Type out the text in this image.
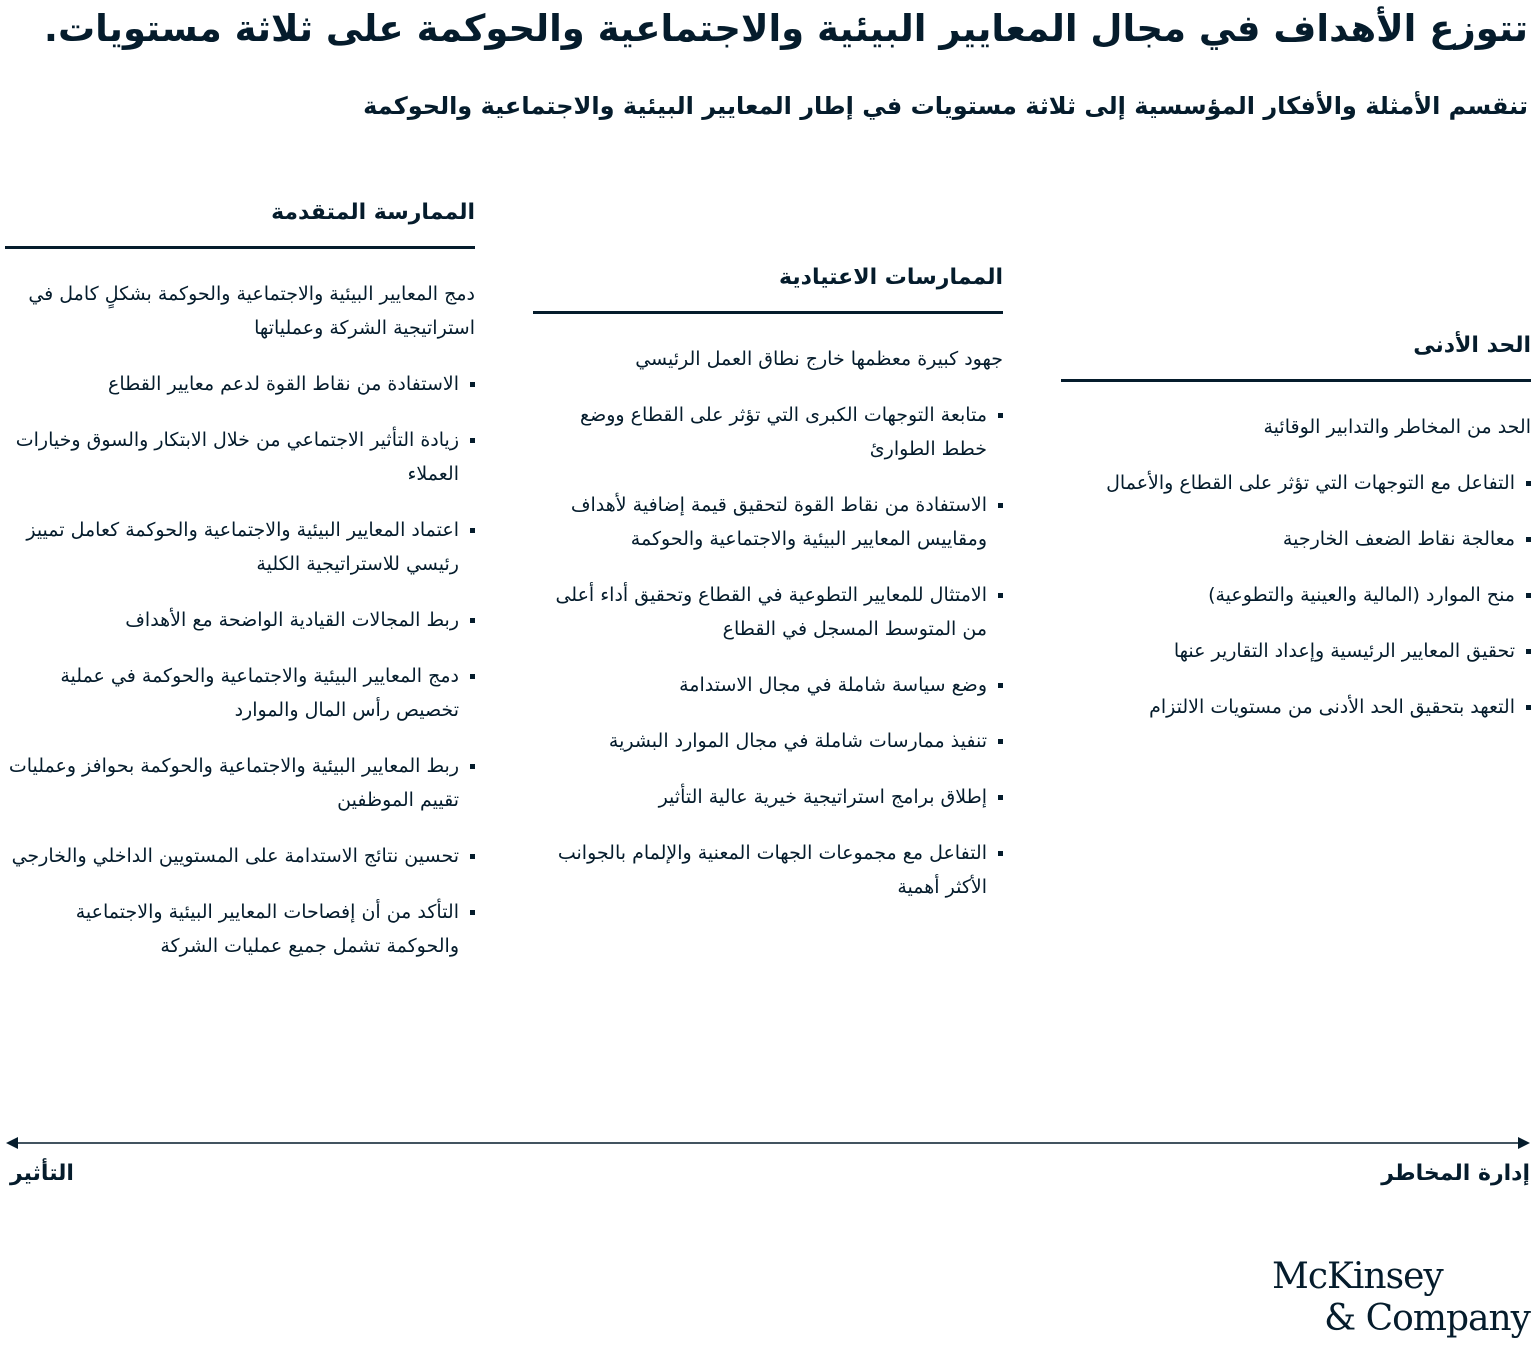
تتوزع الأهداف في مجال المعايير البيئية والاجتماعية والحوكمة على ثلاثة مستويات.
تنقسم الأمثلة والأفكار المؤسسية إلى ثلاثة مستويات في إطار المعايير البيئية والاجتماعية والحوكمة
الحد الأدنى

الحد من المخاطر والتدابير الوقائية

التفاعل مع التوجهات التي تؤثر على القطاع والأعمال
معالجة نقاط الضعف الخارجية
منح الموارد (المالية والعينية والتطوعية)
تحقيق المعايير الرئيسية وإعداد التقارير عنها
التعهد بتحقيق الحد الأدنى من مستويات الالتزام
الممارسات الاعتيادية

جهود كبيرة معظمها خارج نطاق العمل الرئيسي

متابعة التوجهات الكبرى التي تؤثر على القطاع ووضع خطط الطوارئ
الاستفادة من نقاط القوة لتحقيق قيمة إضافية لأهداف ومقاييس المعايير البيئية والاجتماعية والحوكمة
الامتثال للمعايير التطوعية في القطاع وتحقيق أداء أعلى من المتوسط المسجل في القطاع
وضع سياسة شاملة في مجال الاستدامة
تنفيذ ممارسات شاملة في مجال الموارد البشرية
إطلاق برامج استراتيجية خيرية عالية التأثير
التفاعل مع مجموعات الجهات المعنية والإلمام بالجوانب الأكثر أهمية
الممارسة المتقدمة

دمج المعايير البيئية والاجتماعية والحوكمة بشكلٍ كامل في استراتيجية الشركة وعملياتها

الاستفادة من نقاط القوة لدعم معايير القطاع
زيادة التأثير الاجتماعي من خلال الابتكار والسوق وخيارات العملاء
اعتماد المعايير البيئية والاجتماعية والحوكمة كعامل تمييز رئيسي للاستراتيجية الكلية
ربط المجالات القيادية الواضحة مع الأهداف
دمج المعايير البيئية والاجتماعية والحوكمة في عملية تخصيص رأس المال والموارد
ربط المعايير البيئية والاجتماعية والحوكمة بحوافز وعمليات تقييم الموظفين
تحسين نتائج الاستدامة على المستويين الداخلي والخارجي
التأكد من أن إفصاحات المعايير البيئية والاجتماعية والحوكمة تشمل جميع عمليات الشركة
إدارة المخاطر
التأثير
McKinsey
& Company
